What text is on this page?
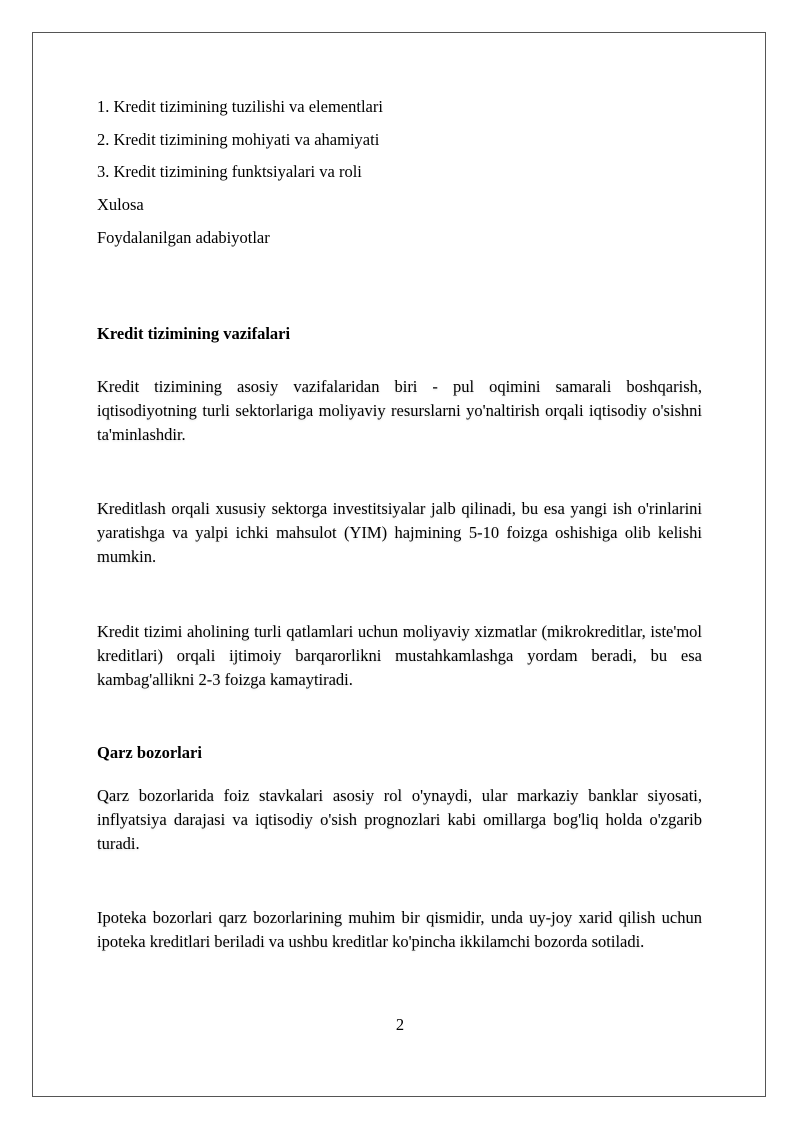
1. Kredit tizimining tuzilishi va elementlari
2. Kredit tizimining mohiyati va ahamiyati
3. Kredit tizimining funktsiyalari va roli
Xulosa
Foydalanilgan adabiyotlar
Kredit tizimining vazifalari
Kredit tizimining asosiy vazifalaridan biri - pul oqimini samarali boshqarish, iqtisodiyotning turli sektorlariga moliyaviy resurslarni yo'naltirish orqali iqtisodiy o'sishni ta'minlashdir.
Kreditlash orqali xususiy sektorga investitsiyalar jalb qilinadi, bu esa yangi ish o'rinlarini yaratishga va yalpi ichki mahsulot (YIM) hajmining 5-10 foizga oshishiga olib kelishi mumkin.
Kredit tizimi aholining turli qatlamlari uchun moliyaviy xizmatlar (mikrokreditlar, iste'mol kreditlari) orqali ijtimoiy barqarorlikni mustahkamlashga yordam beradi, bu esa kambag'allikni 2-3 foizga kamaytiradi.
Qarz bozorlari
Qarz bozorlarida foiz stavkalari asosiy rol o'ynaydi, ular markaziy banklar siyosati, inflyatsiya darajasi va iqtisodiy o'sish prognozlari kabi omillarga bog'liq holda o'zgarib turadi.
Ipoteka bozorlari qarz bozorlarining muhim bir qismidir, unda uy-joy xarid qilish uchun ipoteka kreditlari beriladi va ushbu kreditlar ko'pincha ikkilamchi bozorda sotiladi.
2
